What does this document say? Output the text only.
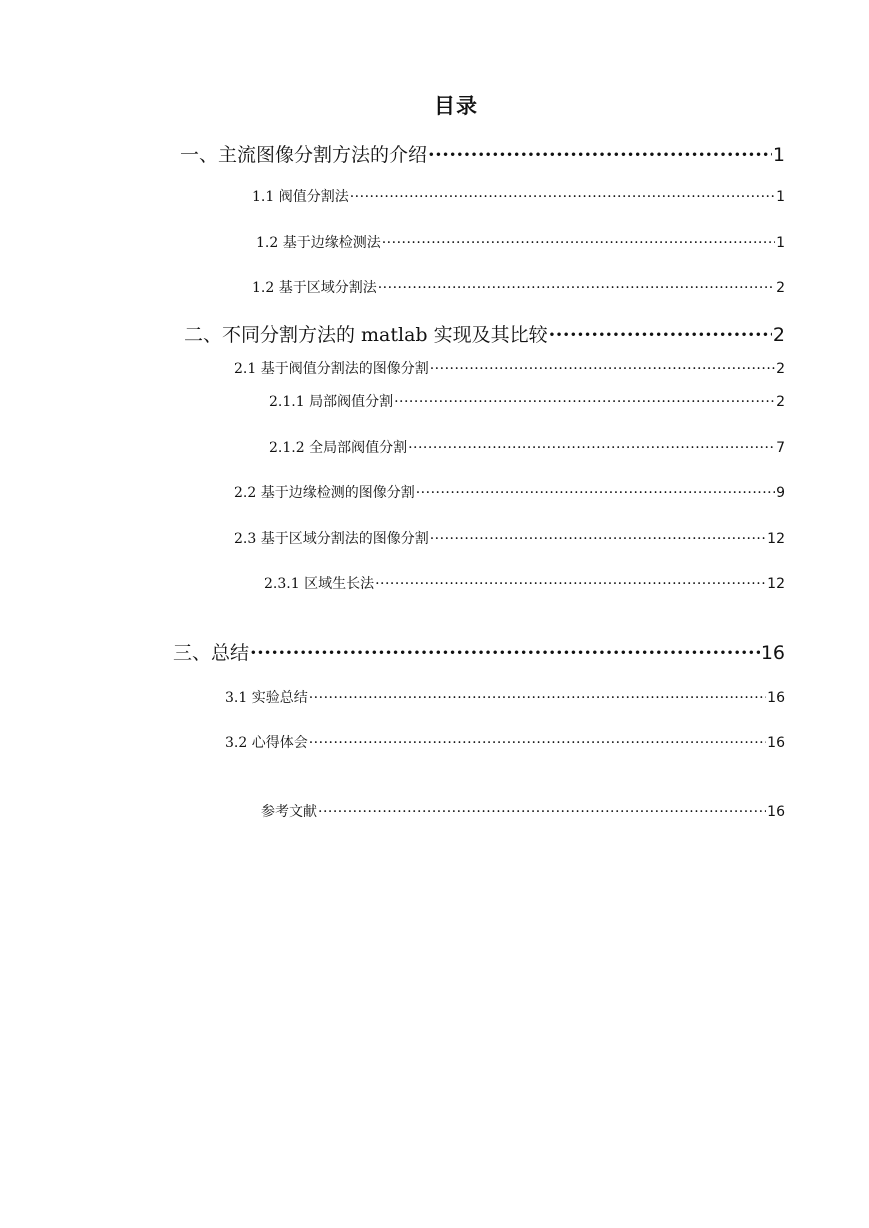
目录
一、主流图像分割方法的介绍 ·····	1
1.1 阀值分割法 ·····	1
1.2 基于边缘检测法 ·····	1
1.2 基于区域分割法 ·····	2
二、不同分割方法的 matlab 实现及其比较 ·····	2
2.1 基于阀值分割法的图像分割 ·····	2
2.1.1 局部阀值分割 ·····	2
2.1.2 全局部阀值分割 ·····	7
2.2 基于边缘检测的图像分割 ·····	9
2.3 基于区域分割法的图像分割 ·····	12
2.3.1 区域生长法 ·····	12
三、总结 ·····	16
3.1 实验总结 ·····	16
3.2 心得体会 ·····	16
参考文献 ·····	16
